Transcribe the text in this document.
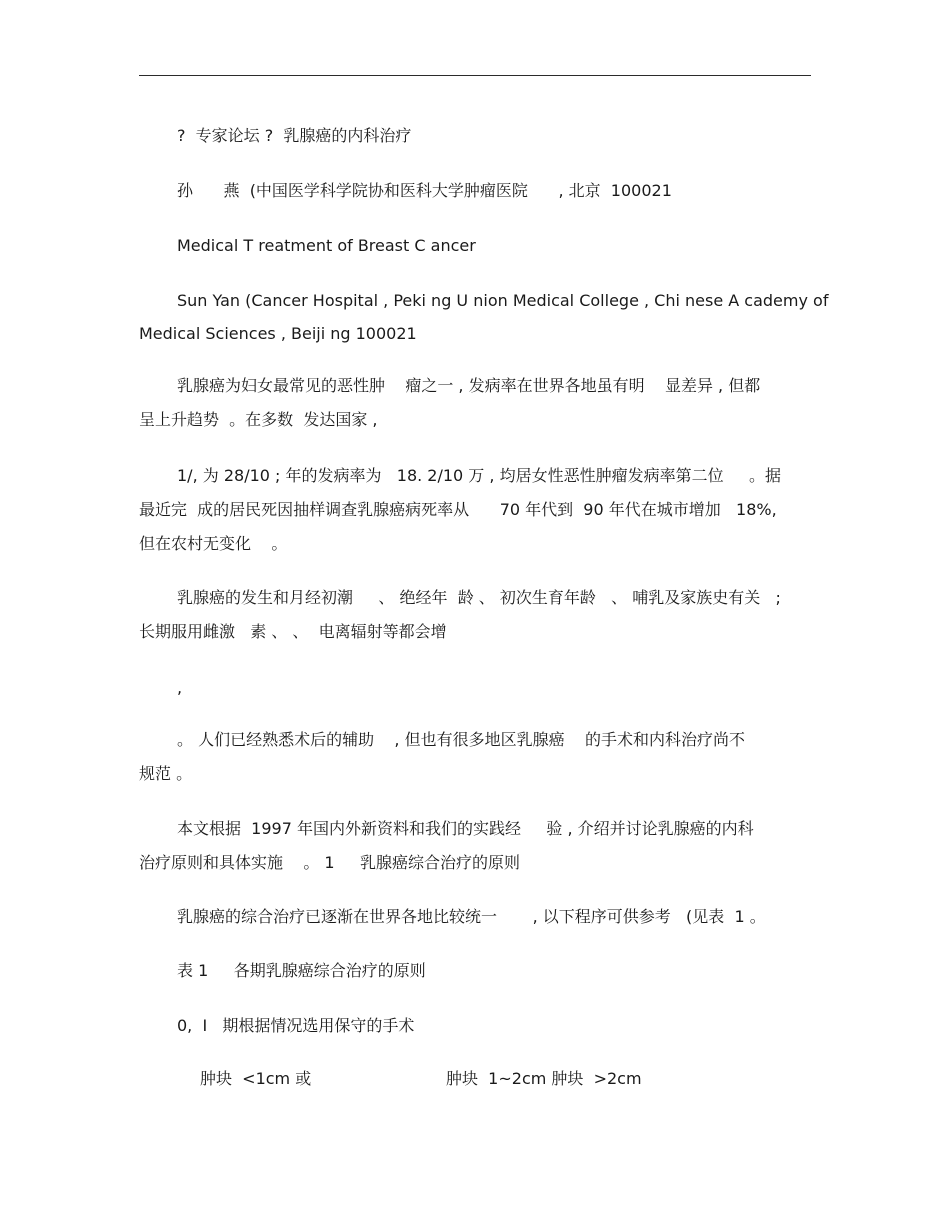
?  专家论坛 ?  乳腺癌的内科治疗

孙      燕  (中国医学科学院协和医科大学肿瘤医院      , 北京  100021

Medical T reatment of Breast C ancer

Sun Yan (Cancer Hospital , Peki ng U nion Medical College , Chi nese A cademy of

Medical Sciences , Beiji ng 100021

乳腺癌为妇女最常见的恶性肿    瘤之一 , 发病率在世界各地虽有明    显差异 , 但都

呈上升趋势  。在多数  发达国家 ,

1/, 为 28/10 ; 年的发病率为   18. 2/10 万 , 均居女性恶性肿瘤发病率第二位     。据

最近完  成的居民死因抽样调查乳腺癌病死率从      70 年代到  90 年代在城市增加   18%,

但在农村无变化    。

乳腺癌的发生和月经初潮     、 绝经年  龄 、 初次生育年龄   、 哺乳及家族史有关   ;

长期服用雌激   素 、 、  电离辐射等都会增

,

。 人们已经熟悉术后的辅助    , 但也有很多地区乳腺癌    的手术和内科治疗尚不

规范 。

本文根据  1997 年国内外新资料和我们的实践经     验 , 介绍并讨论乳腺癌的内科

治疗原则和具体实施    。 1     乳腺癌综合治疗的原则

乳腺癌的综合治疗已逐渐在世界各地比较统一       , 以下程序可供参考   (见表  1 。

表 1     各期乳腺癌综合治疗的原则

0,  I   期根据情况选用保守的手术

肿块  <1cm 或	肿块  1~2cm 肿块  >2cm
